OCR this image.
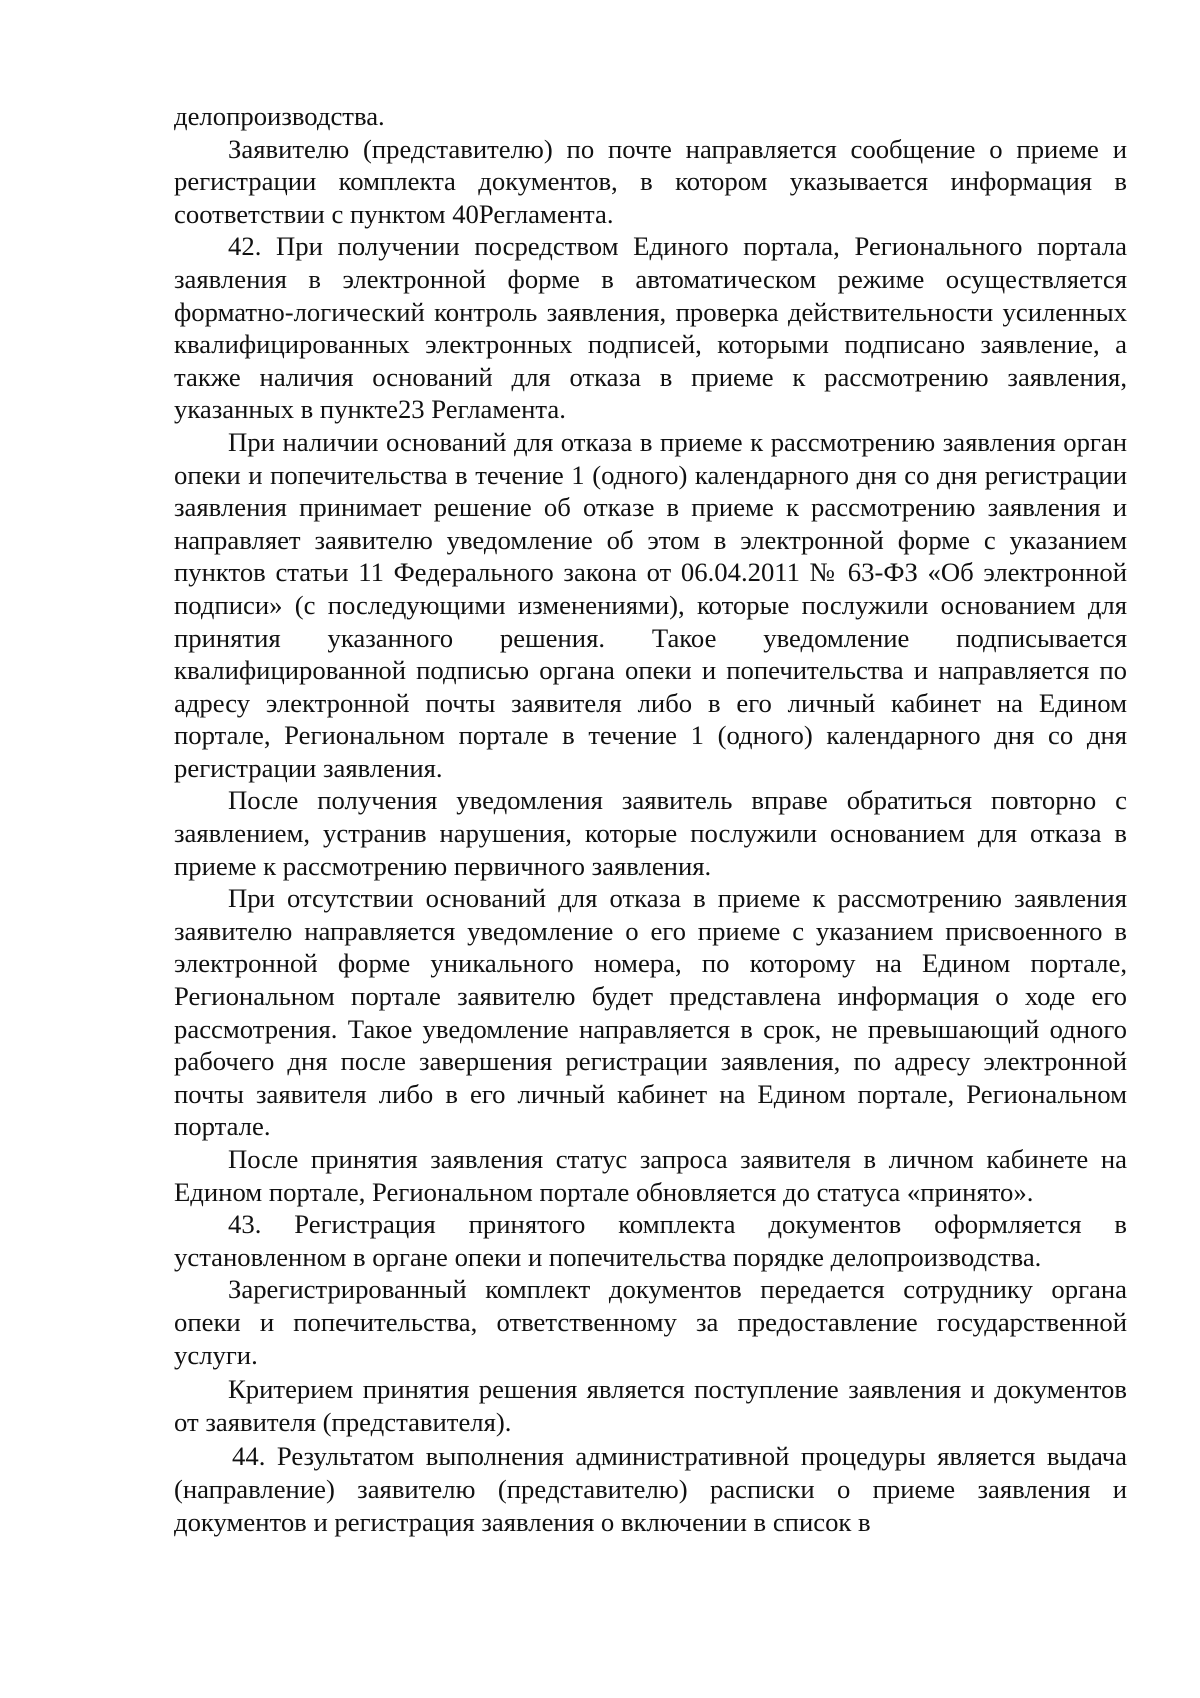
делопроизводства.

Заявителю (представителю) по почте направляется сообщение о приеме и регистрации комплекта документов, в котором указывается информация в соответствии с пунктом 40Регламента.

42. При получении посредством Единого портала, Регионального портала заявления в электронной форме в автоматическом режиме осуществляется форматно-логический контроль заявления, проверка действительности усиленных квалифицированных электронных подписей, которыми подписано заявление, а также наличия оснований для отказа в приеме к рассмотрению заявления, указанных в пункте23 Регламента.

При наличии оснований для отказа в приеме к рассмотрению заявления орган опеки и попечительства в течение 1 (одного) календарного дня со дня регистрации заявления принимает решение об отказе в приеме к рассмотрению заявления и направляет заявителю уведомление об этом в электронной форме с указанием пунктов статьи 11 Федерального закона от 06.04.2011 № 63-ФЗ «Об электронной подписи» (с последующими изменениями), которые послужили основанием для принятия указанного решения. Такое уведомление подписывается квалифицированной подписью органа опеки и попечительства и направляется по адресу электронной почты заявителя либо в его личный кабинет на Едином портале, Региональном портале в течение 1 (одного) календарного дня со дня регистрации заявления.

После получения уведомления заявитель вправе обратиться повторно с заявлением, устранив нарушения, которые послужили основанием для отказа в приеме к рассмотрению первичного заявления.

При отсутствии оснований для отказа в приеме к рассмотрению заявления заявителю направляется уведомление о его приеме с указанием присвоенного в электронной форме уникального номера, по которому на Едином портале, Региональном портале заявителю будет представлена информация о ходе его рассмотрения. Такое уведомление направляется в срок, не превышающий одного рабочего дня после завершения регистрации заявления, по адресу электронной почты заявителя либо в его личный кабинет на Едином портале, Региональном портале.

После принятия заявления статус запроса заявителя в личном кабинете на Едином портале, Региональном портале обновляется до статуса «принято».

43. Регистрация принятого комплекта документов оформляется в установленном в органе опеки и попечительства порядке делопроизводства.

Зарегистрированный комплект документов передается сотруднику органа опеки и попечительства, ответственному за предоставление государственной услуги.

Критерием принятия решения является поступление заявления и документов от заявителя (представителя).

44. Результатом выполнения административной процедуры является выдача (направление) заявителю (представителю) расписки о приеме заявления и документов и регистрация заявления о включении в список в
